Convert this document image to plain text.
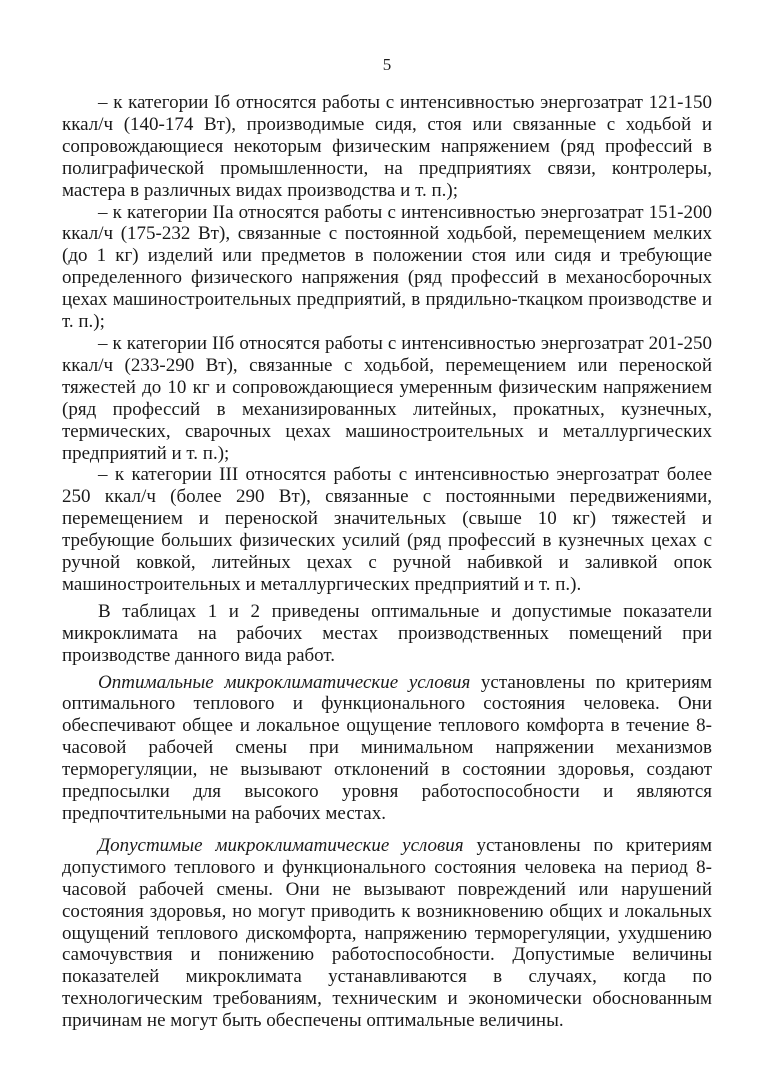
5

– к категории Iб относятся работы с интенсивностью энергозатрат 121-150 ккал/ч (140-174 Вт), производимые сидя, стоя или связанные с ходьбой и сопровождающиеся некоторым физическим напряжением (ряд профессий в полиграфической промышленности, на предприятиях связи, контролеры, мастера в различных видах производства и т. п.);

– к категории IIа относятся работы с интенсивностью энергозатрат 151-200 ккал/ч (175-232 Вт), связанные с постоянной ходьбой, перемещением мелких (до 1 кг) изделий или предметов в положении стоя или сидя и требующие определенного физического напряжения (ряд профессий в механосборочных цехах машиностроительных предприятий, в прядильно-ткацком производстве и т. п.);

– к категории IIб относятся работы с интенсивностью энергозатрат 201-250 ккал/ч (233-290 Вт), связанные с ходьбой, перемещением или переноской тяжестей до 10 кг и сопровождающиеся умеренным физическим напряжением (ряд профессий в механизированных литейных, прокатных, кузнечных, термических, сварочных цехах машиностроительных и металлургических предприятий и т. п.);

– к категории III относятся работы с интенсивностью энергозатрат более 250 ккал/ч (более 290 Вт), связанные с постоянными передвижениями, перемещением и переноской значительных (свыше 10 кг) тяжестей и требующие больших физических усилий (ряд профессий в кузнечных цехах с ручной ковкой, литейных цехах с ручной набивкой и заливкой опок машиностроительных и металлургических предприятий и т. п.).

В таблицах 1 и 2 приведены оптимальные и допустимые показатели микроклимата на рабочих местах производственных помещений при производстве данного вида работ.

Оптимальные микроклиматические условия установлены по критериям оптимального теплового и функционального состояния человека. Они обеспечивают общее и локальное ощущение теплового комфорта в течение 8-часовой рабочей смены при минимальном напряжении механизмов терморегуляции, не вызывают отклонений в состоянии здоровья, создают предпосылки для высокого уровня работоспособности и являются предпочтительными на рабочих местах.

Допустимые микроклиматические условия установлены по критериям допустимого теплового и функционального состояния человека на период 8-часовой рабочей смены. Они не вызывают повреждений или нарушений состояния здоровья, но могут приводить к возникновению общих и локальных ощущений теплового дискомфорта, напряжению терморегуляции, ухудшению самочувствия и понижению работоспособности. Допустимые величины показателей микроклимата устанавливаются в случаях, когда по технологическим требованиям, техническим и экономически обоснованным причинам не могут быть обеспечены оптимальные величины.
